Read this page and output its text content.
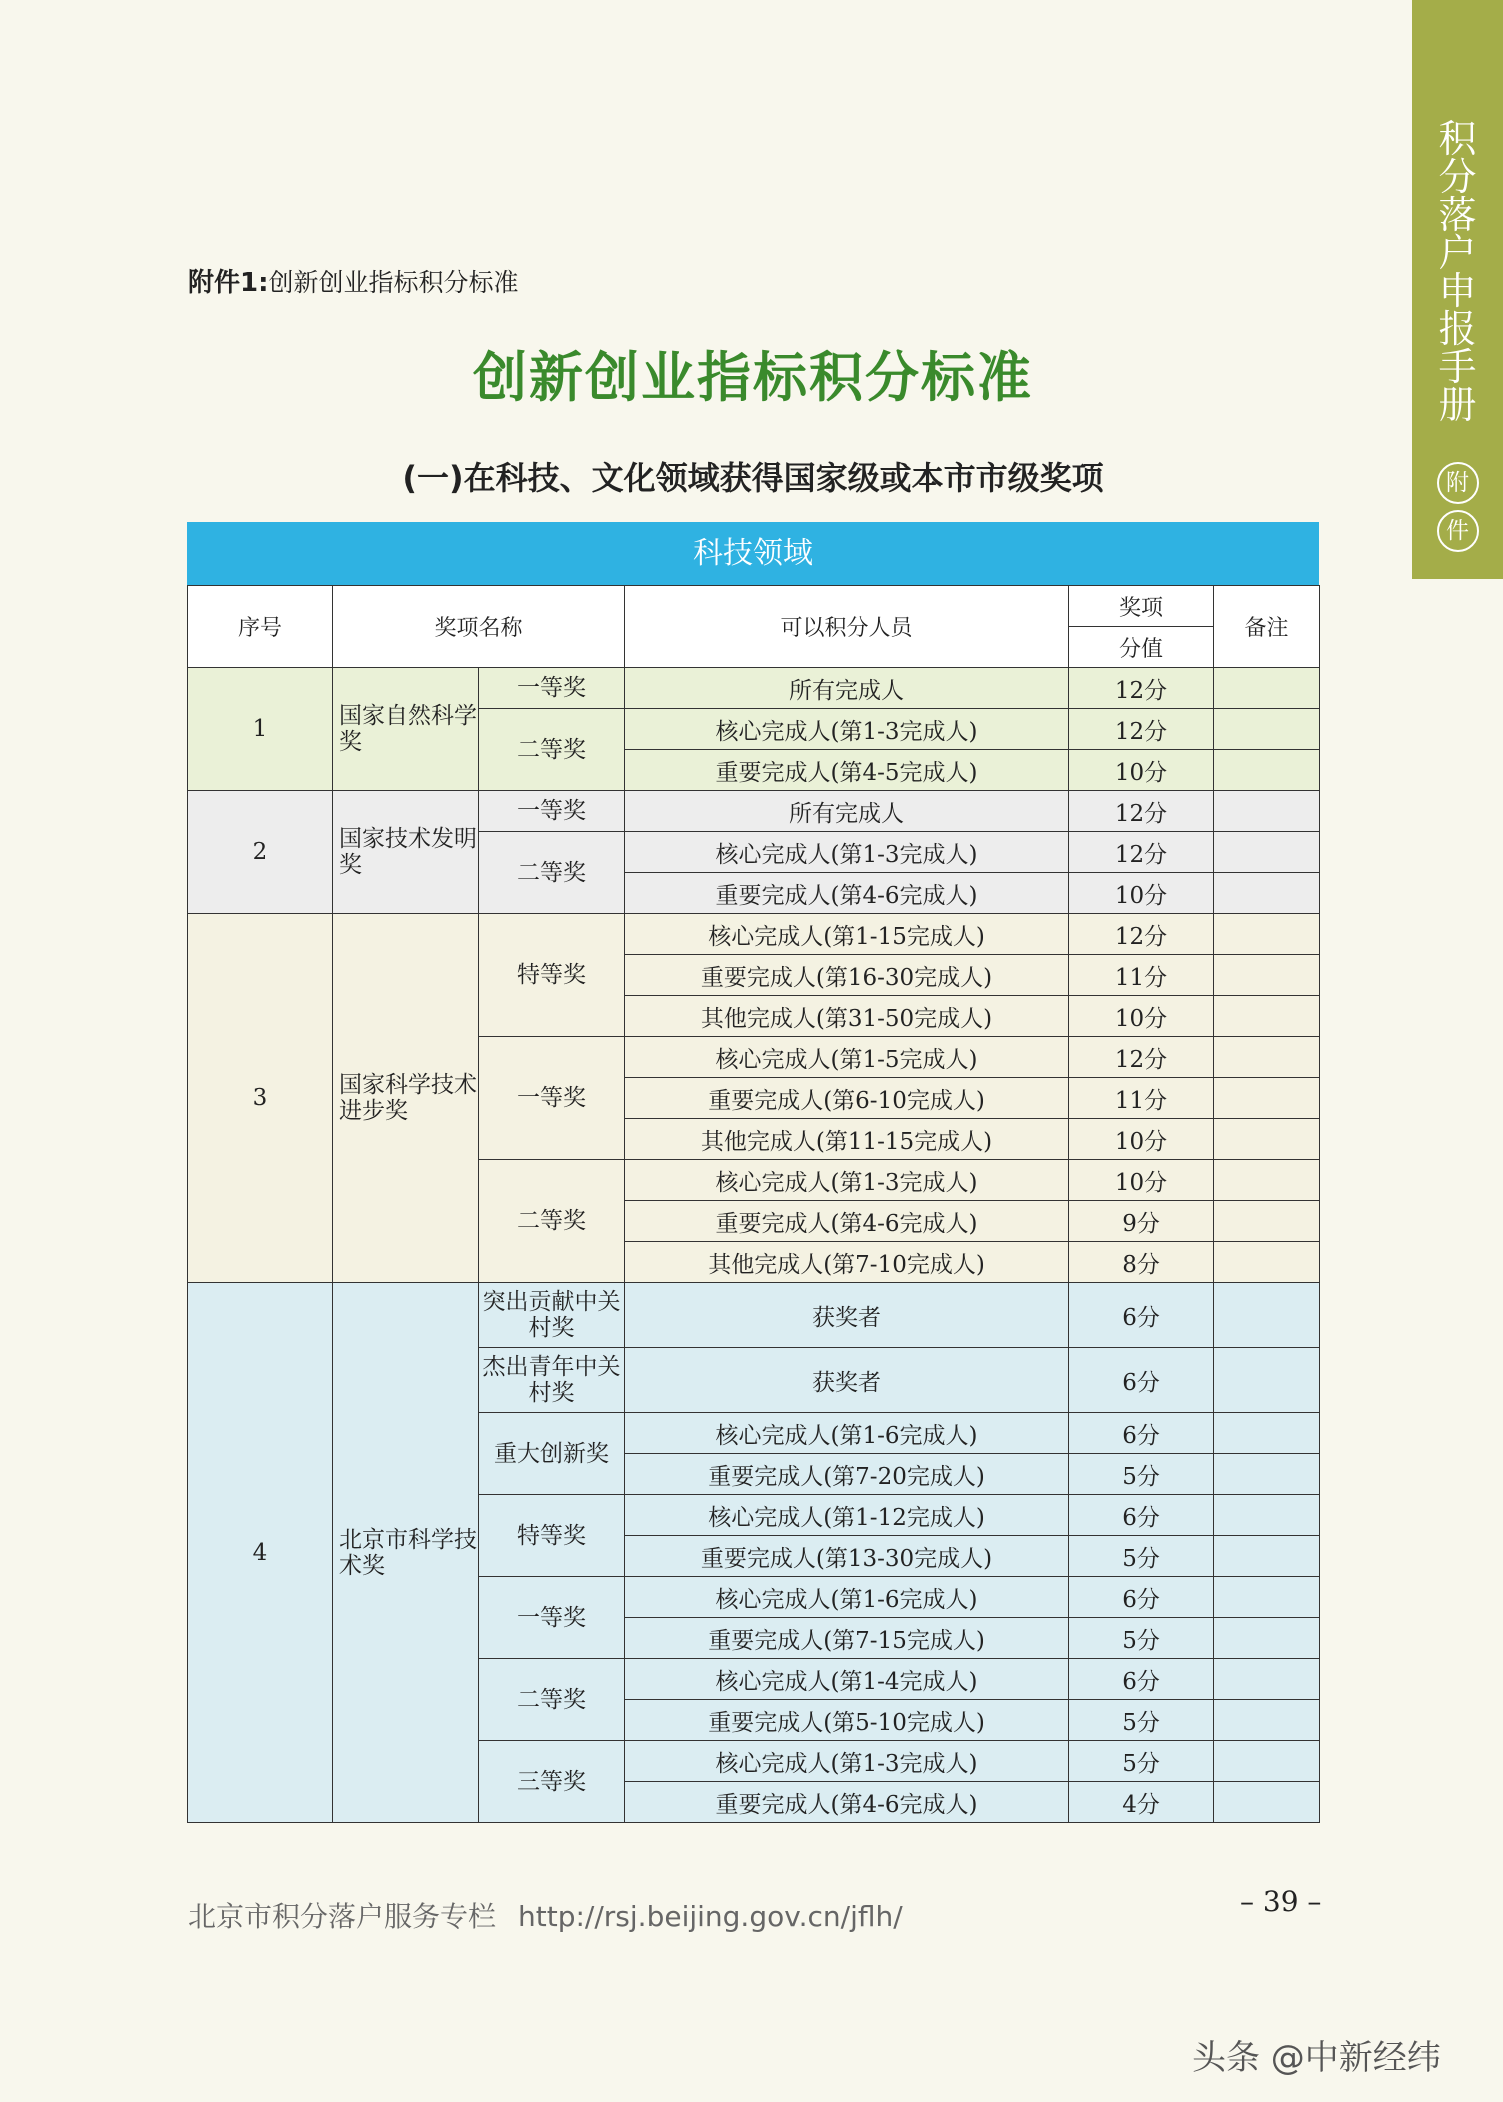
积
分
落
户
申
报
手
册
附
件
附件1:创新创业指标积分标准
创新创业指标积分标准
(一)在科技、文化领域获得国家级或本市市级奖项
科技领域
序号	奖项名称		可以积分人员	奖项	备注
				分值	
1	国家自然科学奖	一等奖	所有完成人	12分	
		二等奖	核心完成人(第1-3完成人)	12分	
			重要完成人(第4-5完成人)	10分	
2	国家技术发明奖	一等奖	所有完成人	12分	
		二等奖	核心完成人(第1-3完成人)	12分	
			重要完成人(第4-6完成人)	10分	
3	国家科学技术进步奖	特等奖	核心完成人(第1-15完成人)	12分	
			重要完成人(第16-30完成人)	11分	
			其他完成人(第31-50完成人)	10分	
		一等奖	核心完成人(第1-5完成人)	12分	
			重要完成人(第6-10完成人)	11分	
			其他完成人(第11-15完成人)	10分	
		二等奖	核心完成人(第1-3完成人)	10分	
			重要完成人(第4-6完成人)	9分	
			其他完成人(第7-10完成人)	8分	
4	北京市科学技术奖	突出贡献中关村奖	获奖者	6分	
		杰出青年中关村奖	获奖者	6分	
		重大创新奖	核心完成人(第1-6完成人)	6分	
			重要完成人(第7-20完成人)	5分	
		特等奖	核心完成人(第1-12完成人)	6分	
			重要完成人(第13-30完成人)	5分	
		一等奖	核心完成人(第1-6完成人)	6分	
			重要完成人(第7-15完成人)	5分	
		二等奖	核心完成人(第1-4完成人)	6分	
			重要完成人(第5-10完成人)	5分	
		三等奖	核心完成人(第1-3完成人)	5分	
			重要完成人(第4-6完成人)	4分	
北京市积分落户服务专栏 http://rsj.beijing.gov.cn/jflh/	– 39 –
头条 @中新经纬
